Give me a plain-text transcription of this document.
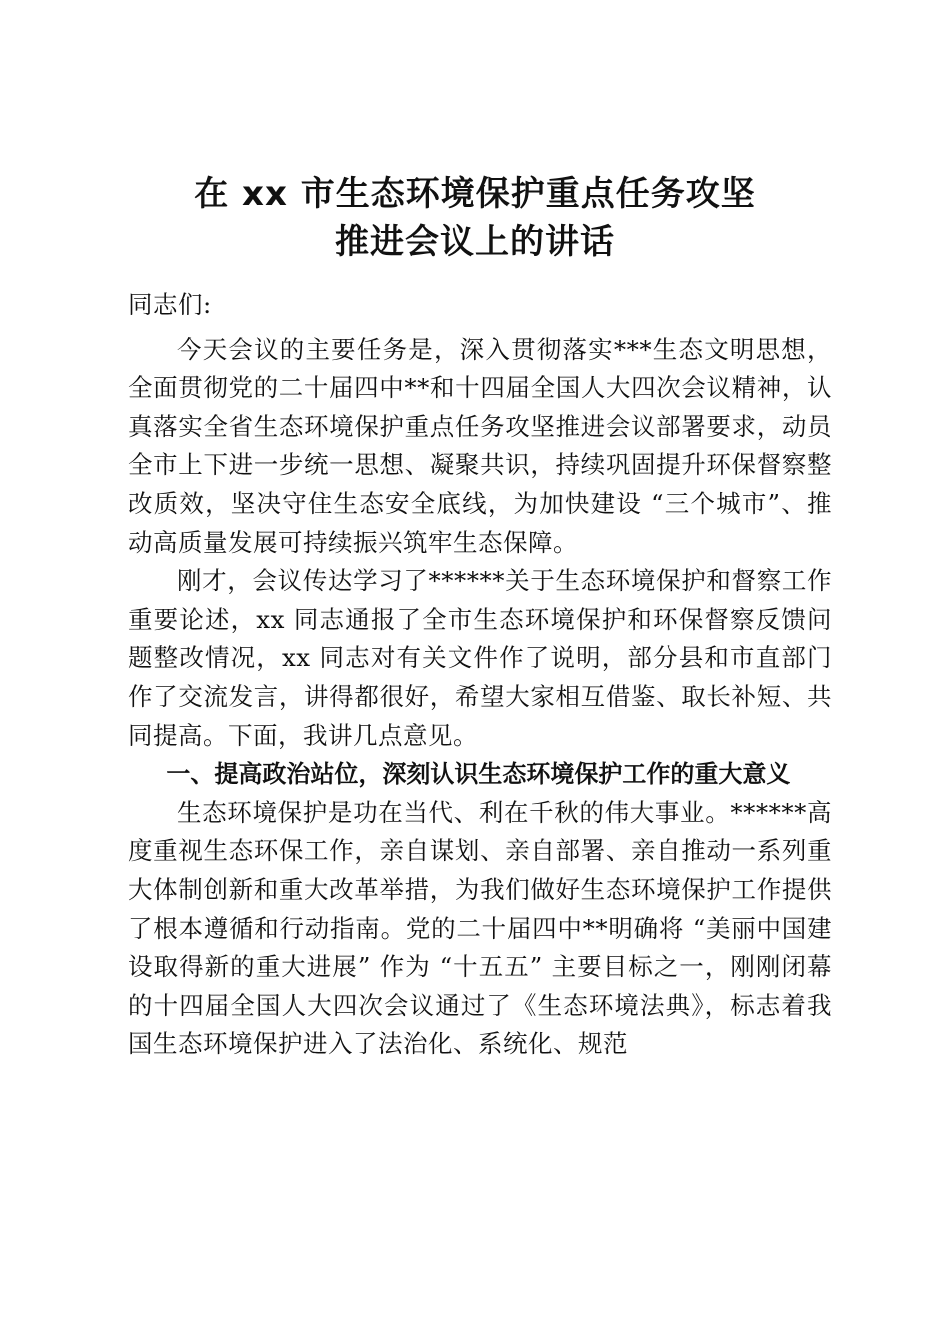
在 xx 市生态环境保护重点任务攻坚
推进会议上的讲话

同志们:

今天会议的主要任务是，深入贯彻落实***生态文明思想，全面贯彻党的二十届四中**和十四届全国人大四次会议精神，认真落实全省生态环境保护重点任务攻坚推进会议部署要求，动员全市上下进一步统一思想、凝聚共识，持续巩固提升环保督察整改质效，坚决守住生态安全底线，为加快建设 “三个城市”、推动高质量发展可持续振兴筑牢生态保障。

刚才，会议传达学习了******关于生态环境保护和督察工作重要论述，xx 同志通报了全市生态环境保护和环保督察反馈问题整改情况，xx 同志对有关文件作了说明，部分县和市直部门作了交流发言，讲得都很好，希望大家相互借鉴、取长补短、共同提高。下面，我讲几点意见。

一、提高政治站位，深刻认识生态环境保护工作的重大意义

生态环境保护是功在当代、利在千秋的伟大事业。******高度重视生态环保工作，亲自谋划、亲自部署、亲自推动一系列重大体制创新和重大改革举措，为我们做好生态环境保护工作提供了根本遵循和行动指南。党的二十届四中**明确将 “美丽中国建设取得新的重大进展” 作为 “十五五” 主要目标之一，刚刚闭幕的十四届全国人大四次会议通过了《生态环境法典》，标志着我国生态环境保护进入了法治化、系统化、规范
